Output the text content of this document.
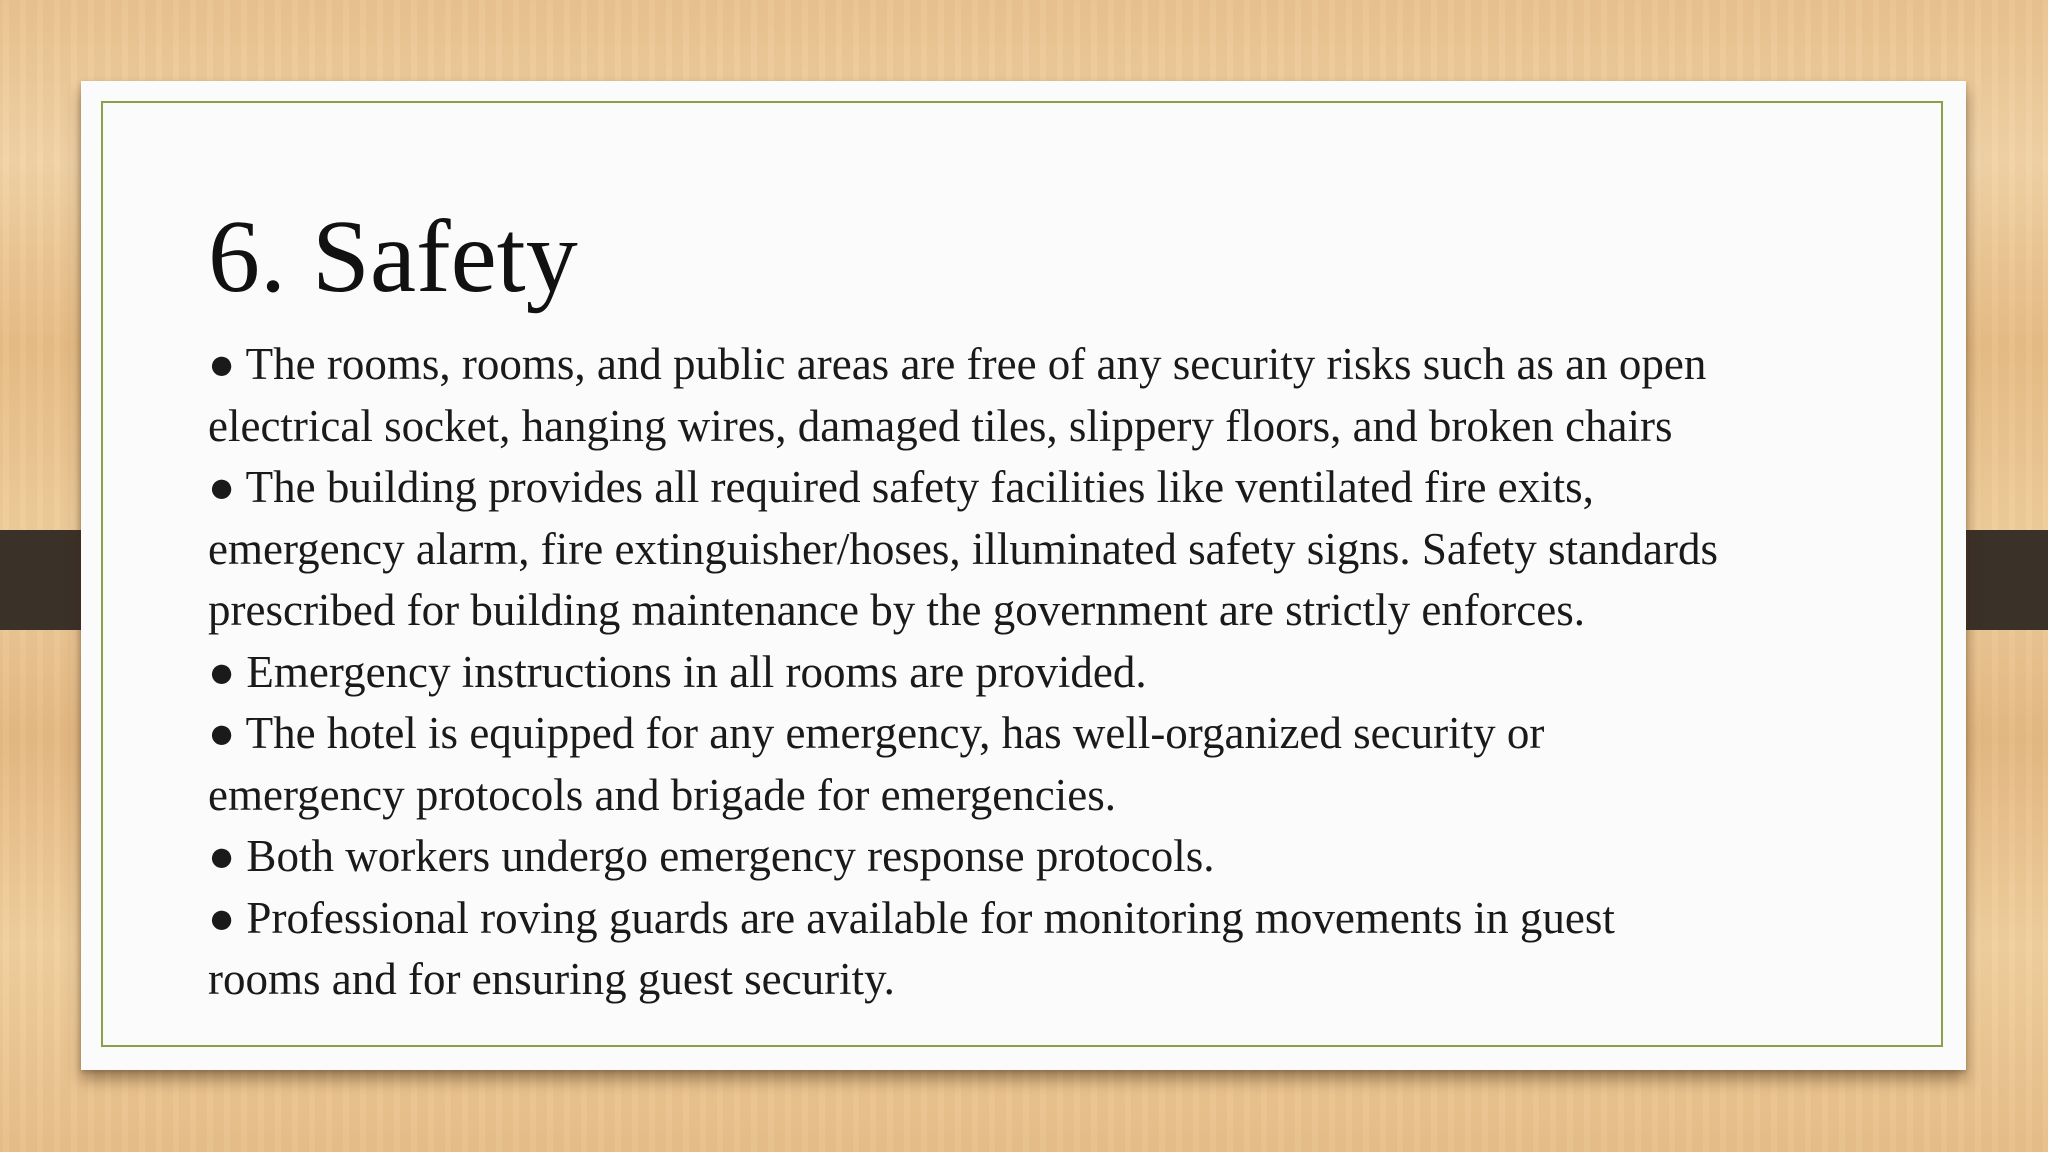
6. Safety

● The rooms, rooms, and public areas are free of any security risks such as an open

electrical socket, hanging wires, damaged tiles, slippery floors, and broken chairs

● The building provides all required safety facilities like ventilated fire exits,

emergency alarm, fire extinguisher/hoses, illuminated safety signs. Safety standards

prescribed for building maintenance by the government are strictly enforces.

● Emergency instructions in all rooms are provided.

● The hotel is equipped for any emergency, has well-organized security or

emergency protocols and brigade for emergencies.

● Both workers undergo emergency response protocols.

● Professional roving guards are available for monitoring movements in guest

rooms and for ensuring guest security.
